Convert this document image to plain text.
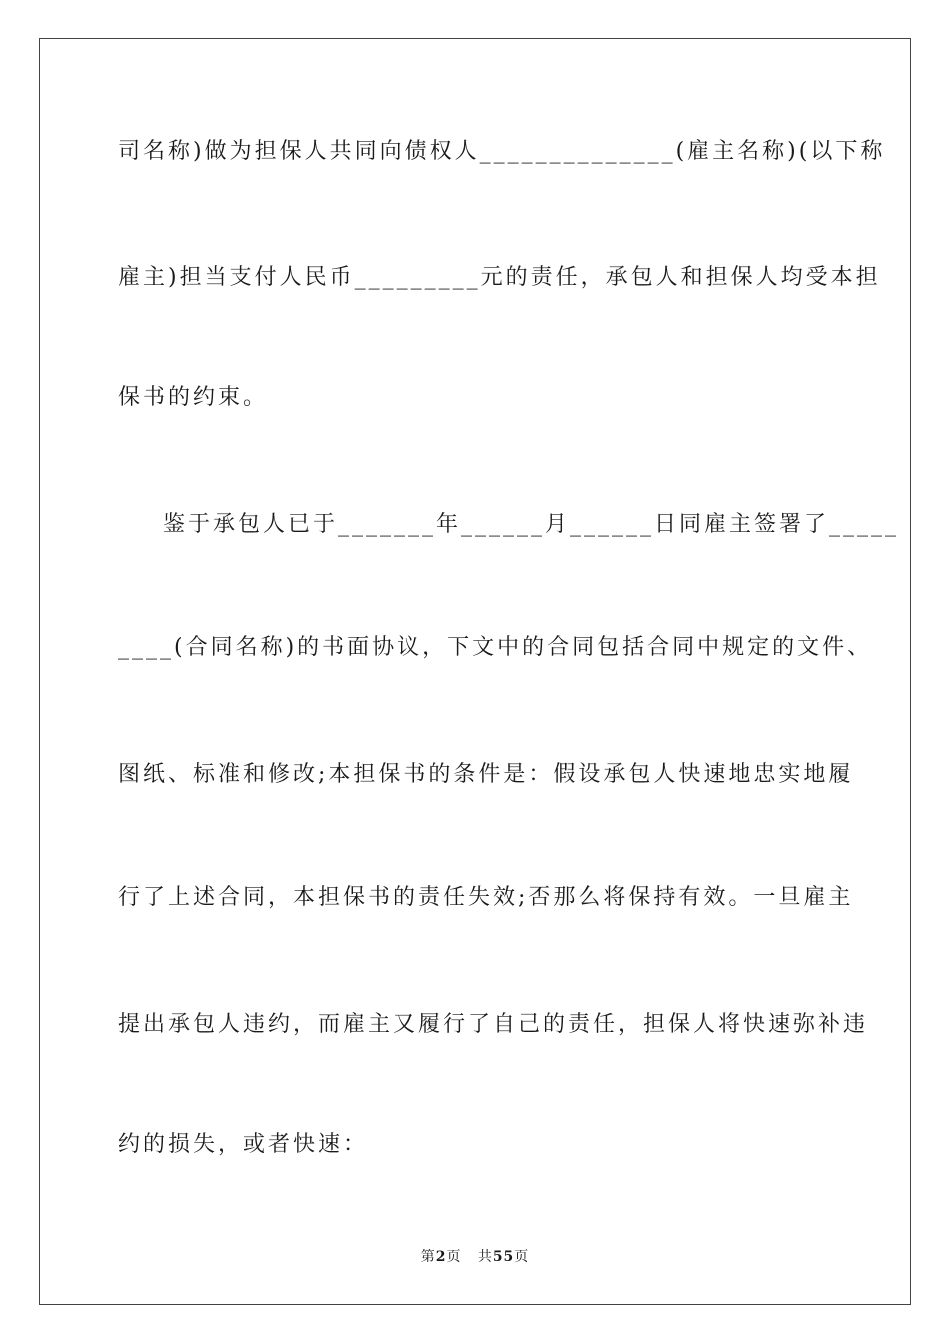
司名称)做为担保人共同向债权人______________(雇主名称)(以下称
雇主)担当支付人民币_________元的责任，承包人和担保人均受本担
保书的约束。
鉴于承包人已于_______年______月______日同雇主签署了_____
____(合同名称)的书面协议，下文中的合同包括合同中规定的文件、
图纸、标准和修改;本担保书的条件是：假设承包人快速地忠实地履
行了上述合同，本担保书的责任失效;否那么将保持有效。一旦雇主
提出承包人违约，而雇主又履行了自己的责任，担保人将快速弥补违
约的损失，或者快速：
第2页 共55页
